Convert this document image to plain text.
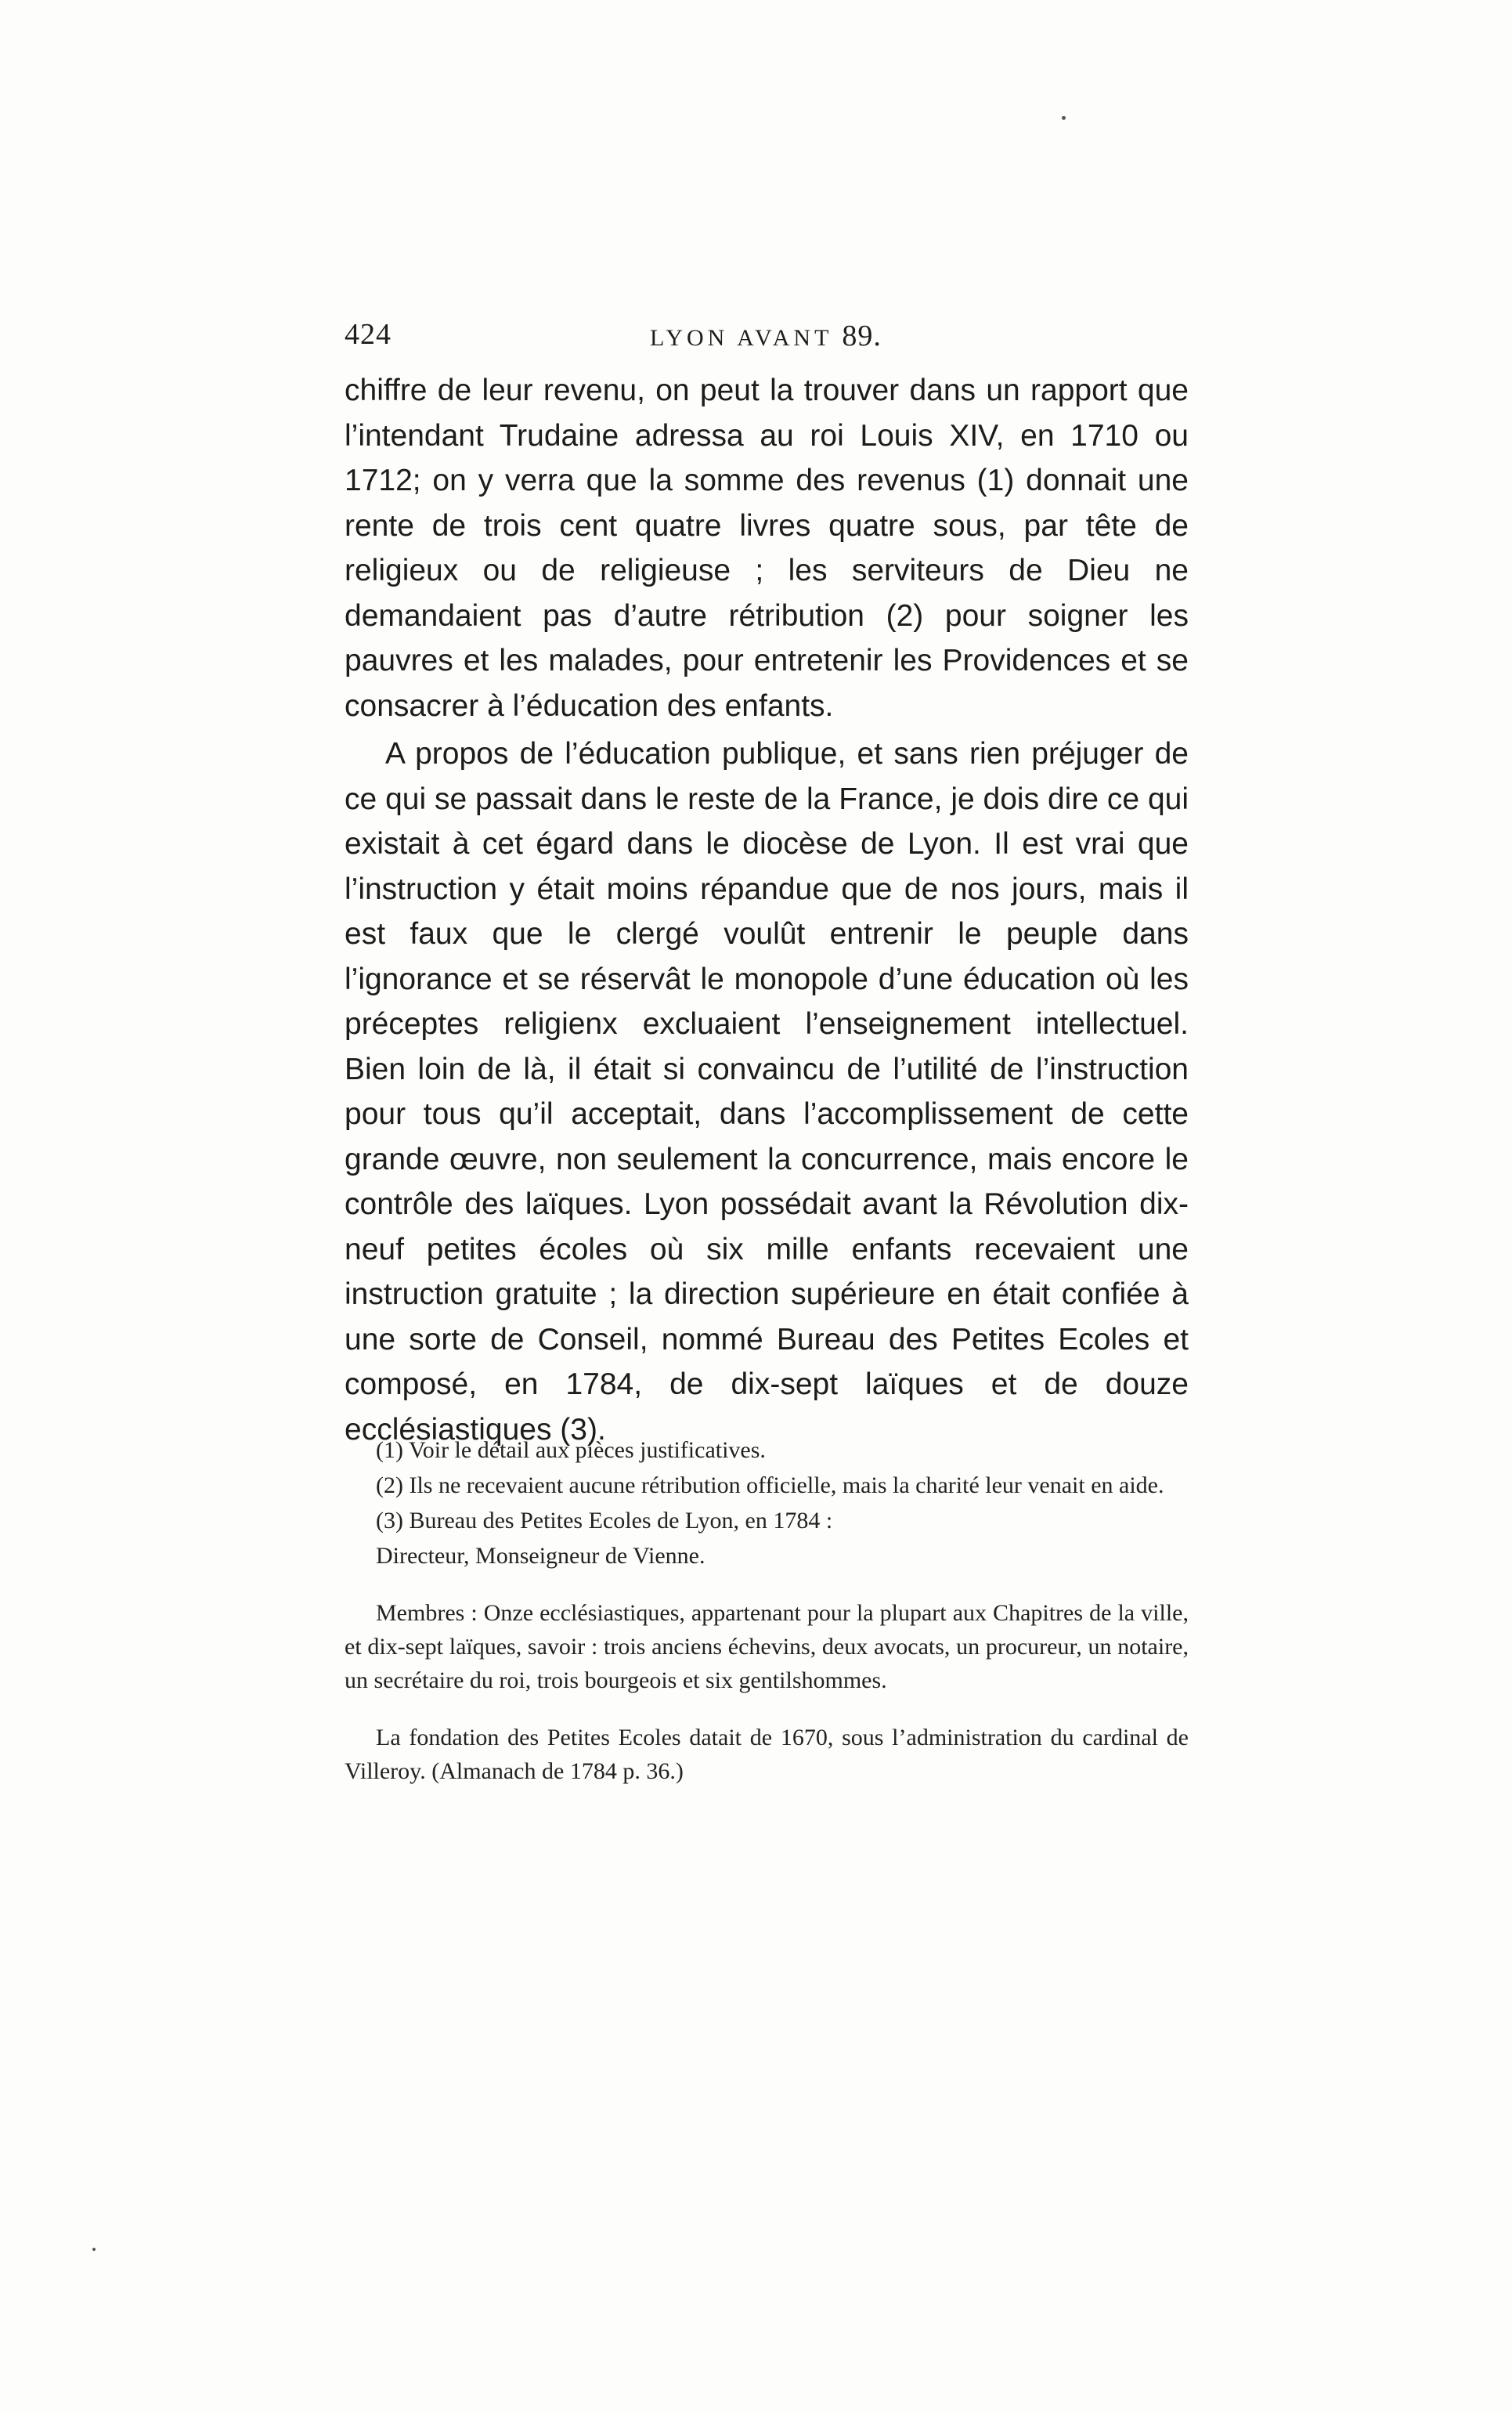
424	LYON AVANT 89.

chiffre de leur revenu, on peut la trouver dans un rapport que l’intendant Trudaine adressa au roi Louis XIV, en 1710 ou 1712; on y verra que la somme des revenus (1) donnait une rente de trois cent quatre livres quatre sous, par tête de religieux ou de religieuse ; les serviteurs de Dieu ne demandaient pas d’autre rétribution (2) pour soigner les pauvres et les malades, pour entretenir les Providences et se consacrer à l’éducation des enfants.

A propos de l’éducation publique, et sans rien préjuger de ce qui se passait dans le reste de la France, je dois dire ce qui existait à cet égard dans le diocèse de Lyon. Il est vrai que l’instruction y était moins répandue que de nos jours, mais il est faux que le clergé voulût entrenir le peuple dans l’ignorance et se réservât le monopole d’une éducation où les préceptes religienx excluaient l’enseignement intellectuel. Bien loin de là, il était si convaincu de l’utilité de l’instruction pour tous qu’il acceptait, dans l’accomplissement de cette grande œuvre, non seulement la concurrence, mais encore le contrôle des laïques. Lyon possédait avant la Révolution dix-neuf petites écoles où six mille enfants recevaient une instruction gratuite ; la direction supérieure en était confiée à une sorte de Conseil, nommé Bureau des Petites Ecoles et composé, en 1784, de dix-sept laïques et de douze ecclésiastiques (3).

(1) Voir le détail aux pièces justificatives.

(2) Ils ne recevaient aucune rétribution officielle, mais la charité leur venait en aide.

(3) Bureau des Petites Ecoles de Lyon, en 1784 :

Directeur, Monseigneur de Vienne.

Membres : Onze ecclésiastiques, appartenant pour la plupart aux Chapitres de la ville, et dix-sept laïques, savoir : trois anciens échevins, deux avocats, un procureur, un notaire, un secrétaire du roi, trois bourgeois et six gentilshommes.

La fondation des Petites Ecoles datait de 1670, sous l’administration du cardinal de Villeroy. (Almanach de 1784 p. 36.)
